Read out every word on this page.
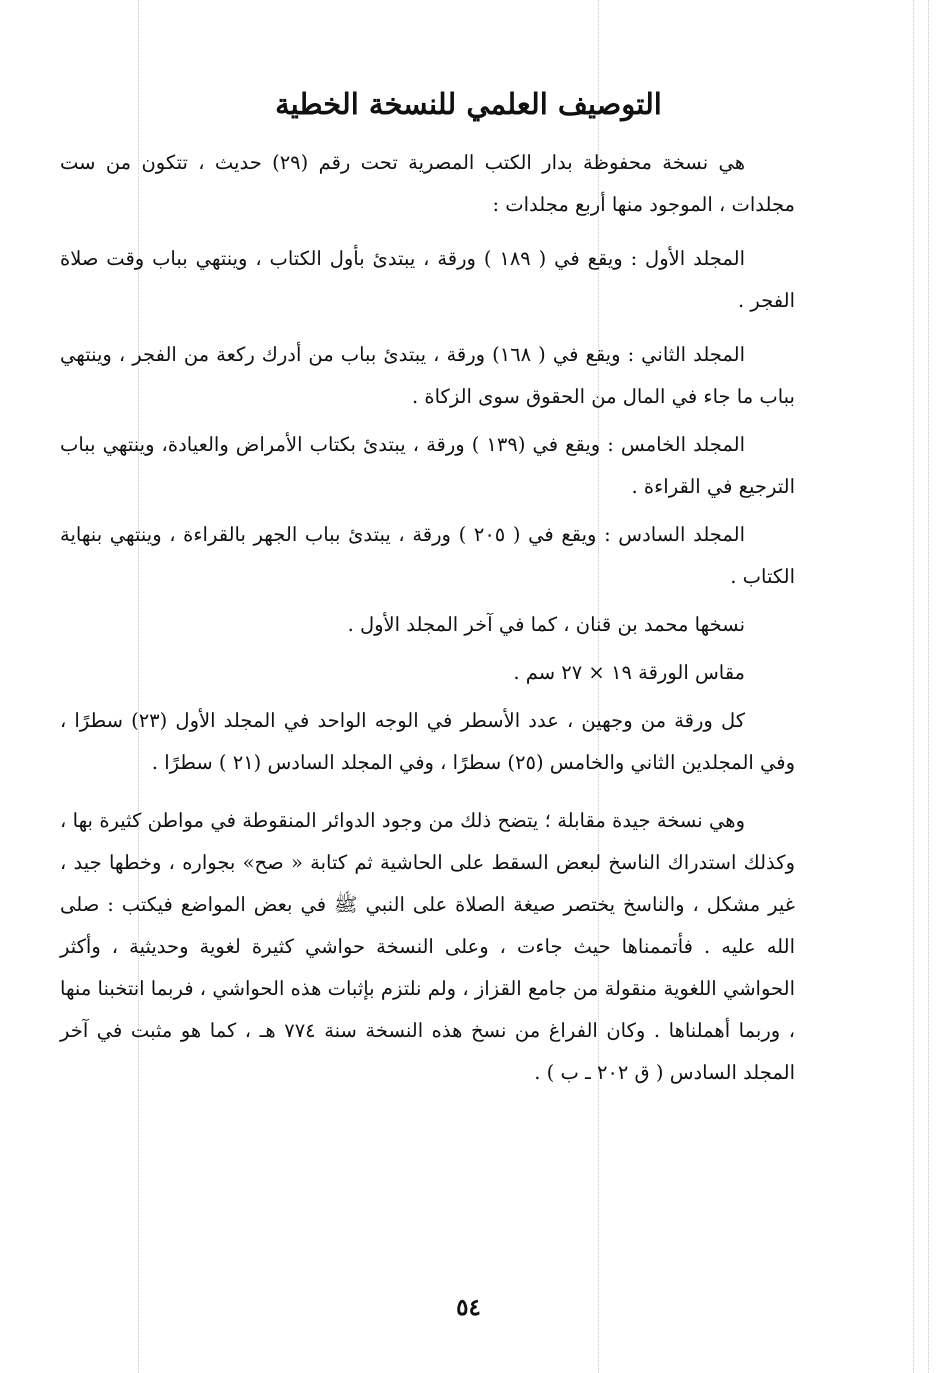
التوصيف العلمي للنسخة الخطية

هي نسخة محفوظة بدار الكتب المصرية تحت رقم (٢٩) حديث ، تتكون من ست مجلدات ، الموجود منها أربع مجلدات :

المجلد الأول : ويقع في ( ١٨٩ ) ورقة ، يبتدئ بأول الكتاب ، وينتهي بباب وقت صلاة الفجر .

المجلد الثاني : ويقع في ( ١٦٨) ورقة ، يبتدئ بباب من أدرك ركعة من الفجر ، وينتهي بباب ما جاء في المال من الحقوق سوى الزكاة .

المجلد الخامس : ويقع في (١٣٩ ) ورقة ، يبتدئ بكتاب الأمراض والعيادة، وينتهي بباب الترجيع في القراءة .

المجلد السادس : ويقع في ( ٢٠٥ ) ورقة ، يبتدئ بباب الجهر بالقراءة ، وينتهي بنهاية الكتاب .

نسخها محمد بن قنان ، كما في آخر المجلد الأول .

مقاس الورقة ١٩ × ٢٧ سم .

كل ورقة من وجهين ، عدد الأسطر في الوجه الواحد في المجلد الأول (٢٣) سطرًا ، وفي المجلدين الثاني والخامس (٢٥) سطرًا ، وفي المجلد السادس (٢١ ) سطرًا .

وهي نسخة جيدة مقابلة ؛ يتضح ذلك من وجود الدوائر المنقوطة في مواطن كثيرة بها ، وكذلك استدراك الناسخ لبعض السقط على الحاشية ثم كتابة « صح» بجواره ، وخطها جيد ، غير مشكل ، والناسخ يختصر صيغة الصلاة على النبي ﷺ في بعض المواضع فيكتب : صلى الله عليه . فأتممناها حيث جاءت ، وعلى النسخة حواشي كثيرة لغوية وحديثية ، وأكثر الحواشي اللغوية منقولة من جامع القزاز ، ولم نلتزم بإثبات هذه الحواشي ، فربما انتخبنا منها ، وربما أهملناها . وكان الفراغ من نسخ هذه النسخة سنة ٧٧٤ هـ ، كما هو مثبت في آخر المجلد السادس ( ق ٢٠٢ ـ ب ) .

٥٤
